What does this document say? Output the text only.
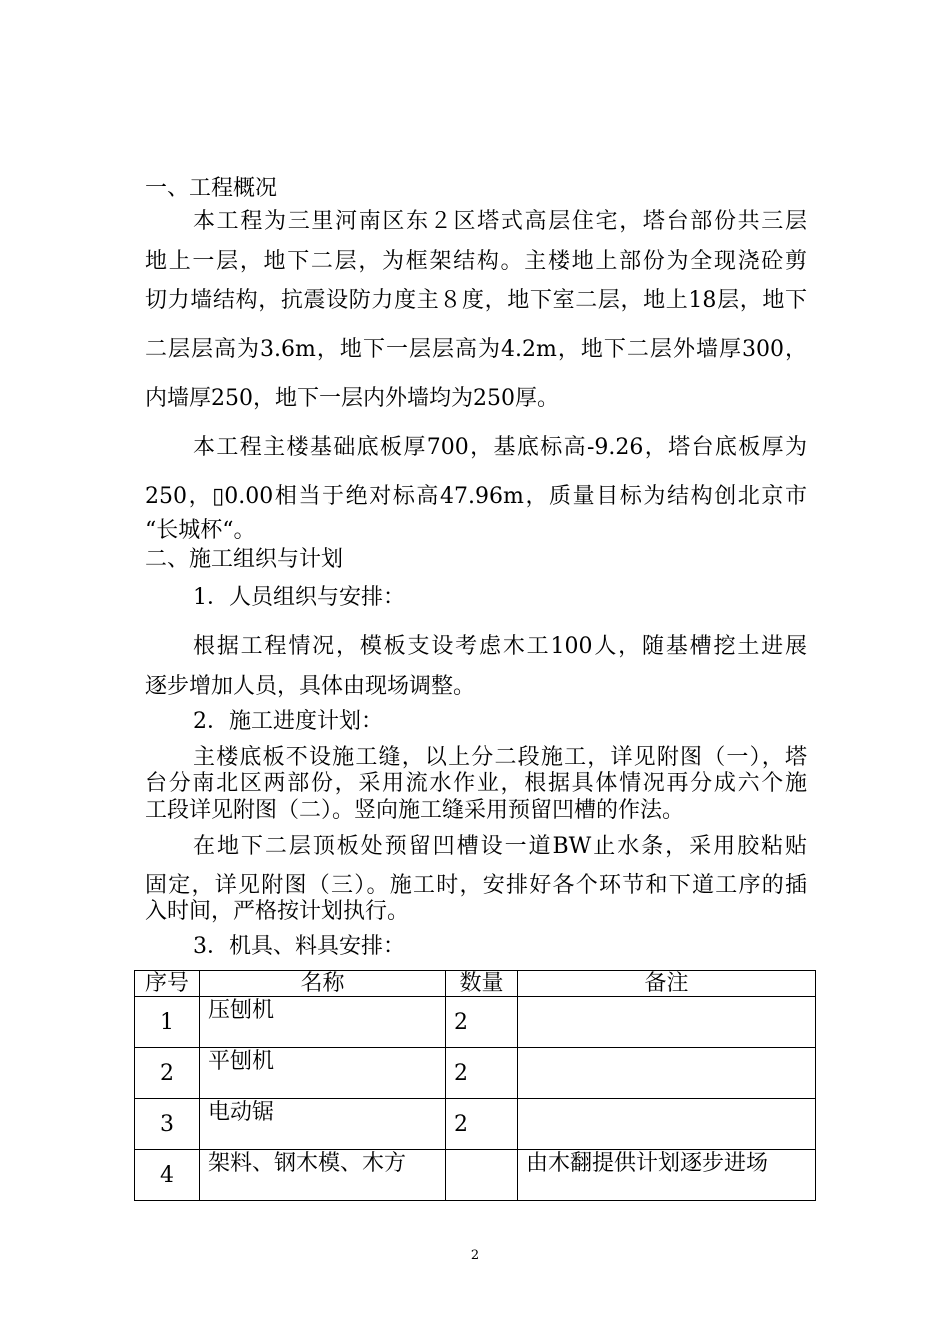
一、工程概况
本工程为三里河南区东２区塔式高层住宅，塔台部份共三层
地上一层，地下二层，为框架结构。主楼地上部份为全现浇砼剪
切力墙结构，抗震设防力度主８度，地下室二层，地上18层，地下
二层层高为3.6m，地下一层层高为4.2m，地下二层外墙厚300，
内墙厚250，地下一层内外墙均为250厚。
本工程主楼基础底板厚700，基底标高-9.26，塔台底板厚为
250，▯0.00相当于绝对标高47.96m，质量目标为结构创北京市
“长城杯“。
二、施工组织与计划
1．人员组织与安排：
根据工程情况，模板支设考虑木工100人，随基槽挖土进展
逐步增加人员，具体由现场调整。
2．施工进度计划：
主楼底板不设施工缝，以上分二段施工，详见附图（一），塔
台分南北区两部份，采用流水作业，根据具体情况再分成六个施
工段详见附图（二）。竖向施工缝采用预留凹槽的作法。
在地下二层顶板处预留凹槽设一道BW止水条，采用胶粘贴
固定，详见附图（三）。施工时，安排好各个环节和下道工序的插
入时间，严格按计划执行。
3．机具、料具安排：
序号	名称	数量	备注
1	压刨机	2	
2	平刨机	2	
3	电动锯	2	
4	架料、钢木模、木方		由木翻提供计划逐步进场
2
